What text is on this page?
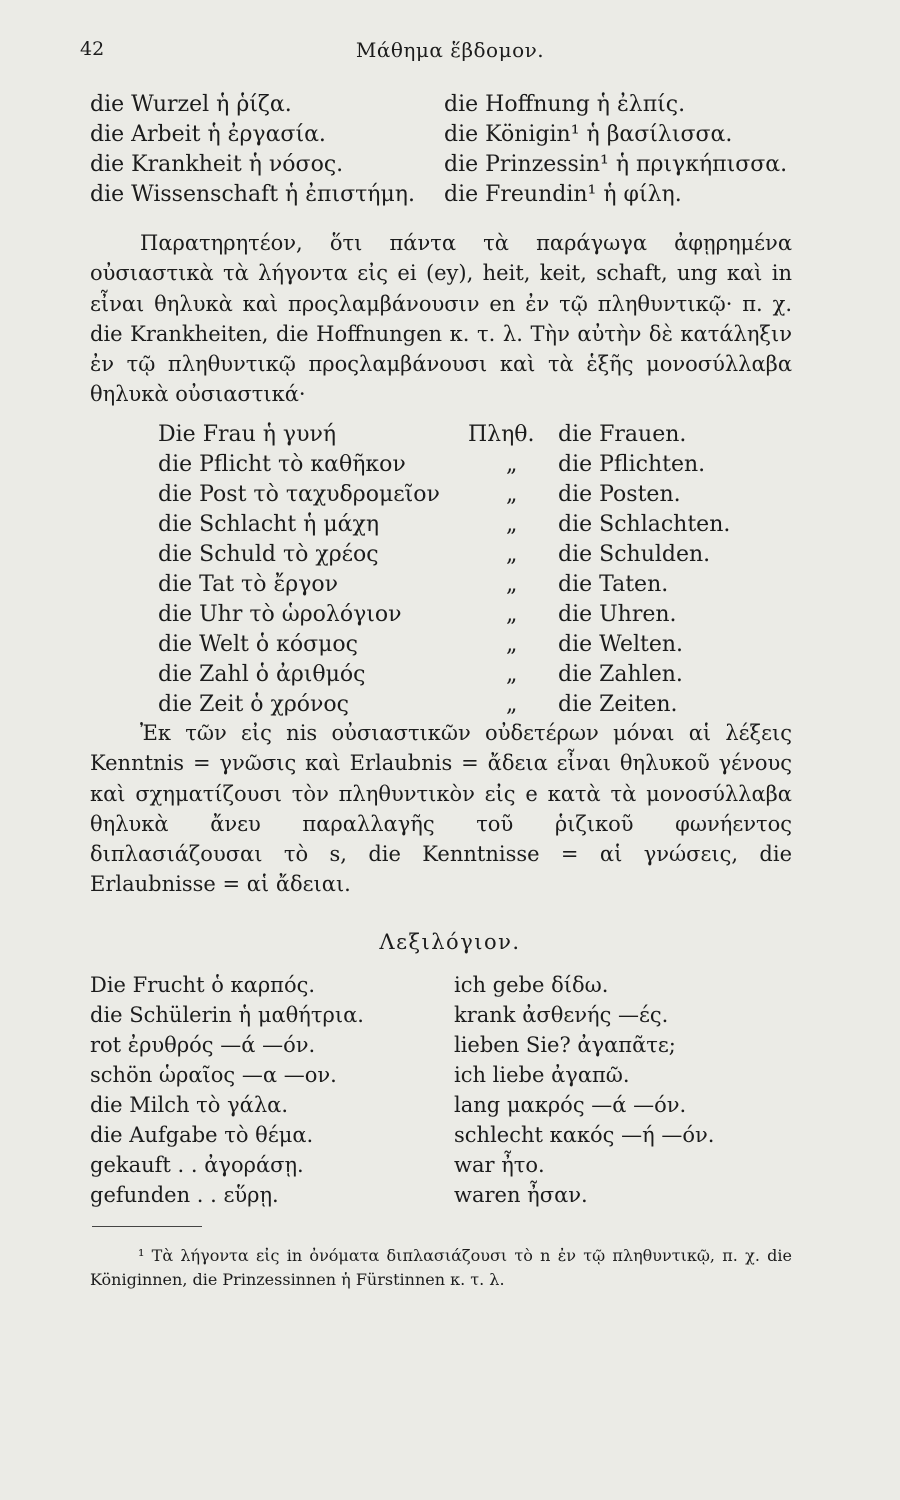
42	Μάθημα ἕβδομον.
die Wurzel ἡ ῥίζα.	die Hoffnung ἡ ἐλπίς.
die Arbeit ἡ ἐργασία.	die Königin¹ ἡ βασίλισσα.
die Krankheit ἡ νόσος.	die Prinzessin¹ ἡ πριγκήπισσα.
die Wissenschaft ἡ ἐπιστήμη.	die Freundin¹ ἡ φίλη.

Παρατηρητέον, ὅτι πάντα τὰ παράγωγα ἀφῃρημένα οὐσιαστικὰ τὰ λήγοντα εἰς ei (ey), heit, keit, schaft, ung καὶ in εἶναι θηλυκὰ καὶ προςλαμβάνουσιν en ἐν τῷ πληθυντικῷ· π. χ. die Krankheiten, die Hoffnungen κ. τ. λ. Τὴν αὐτὴν δὲ κατάληξιν ἐν τῷ πληθυντικῷ προςλαμβάνουσι καὶ τὰ ἑξῆς μονοσύλλαβα θηλυκὰ οὐσιαστικά·

Die Frau ἡ γυνή	Πληθ.	die Frauen.
die Pflicht τὸ καθῆκον	„	die Pflichten.
die Post τὸ ταχυδρομεῖον	„	die Posten.
die Schlacht ἡ μάχη	„	die Schlachten.
die Schuld τὸ χρέος	„	die Schulden.
die Tat τὸ ἔργον	„	die Taten.
die Uhr τὸ ὡρολόγιον	„	die Uhren.
die Welt ὁ κόσμος	„	die Welten.
die Zahl ὁ ἀριθμός	„	die Zahlen.
die Zeit ὁ χρόνος	„	die Zeiten.

Ἐκ τῶν εἰς nis οὐσιαστικῶν οὐδετέρων μόναι αἱ λέξεις Kenntnis = γνῶσις καὶ Erlaubnis = ἄδεια εἶναι θηλυκοῦ γένους καὶ σχηματίζουσι τὸν πληθυντικὸν εἰς e κατὰ τὰ μονοσύλλαβα θηλυκὰ ἄνευ παραλλαγῆς τοῦ ῥιζικοῦ φωνήεντος διπλασιάζουσαι τὸ s, die Kenntnisse = αἱ γνώσεις, die Erlaubnisse = αἱ ἄδειαι.

Λεξιλόγιον.
Die Frucht ὁ καρπός.	ich gebe δίδω.
die Schülerin ἡ μαθήτρια.	krank ἀσθενής —ές.
rot ἐρυθρός —ά —όν.	lieben Sie? ἀγαπᾶτε;
schön ὡραῖος —α —ον.	ich liebe ἀγαπῶ.
die Milch τὸ γάλα.	lang μακρός —ά —όν.
die Aufgabe τὸ θέμα.	schlecht κακός —ή —όν.
gekauft . . ἀγοράσῃ.	war ἦτο.
gefunden . . εὕρῃ.	waren ἦσαν.

¹ Τὰ λήγοντα εἰς in ὀνόματα διπλασιάζουσι τὸ n ἐν τῷ πληθυντικῷ, π. χ. die Königinnen, die Prinzessinnen ἡ Fürstinnen κ. τ. λ.
